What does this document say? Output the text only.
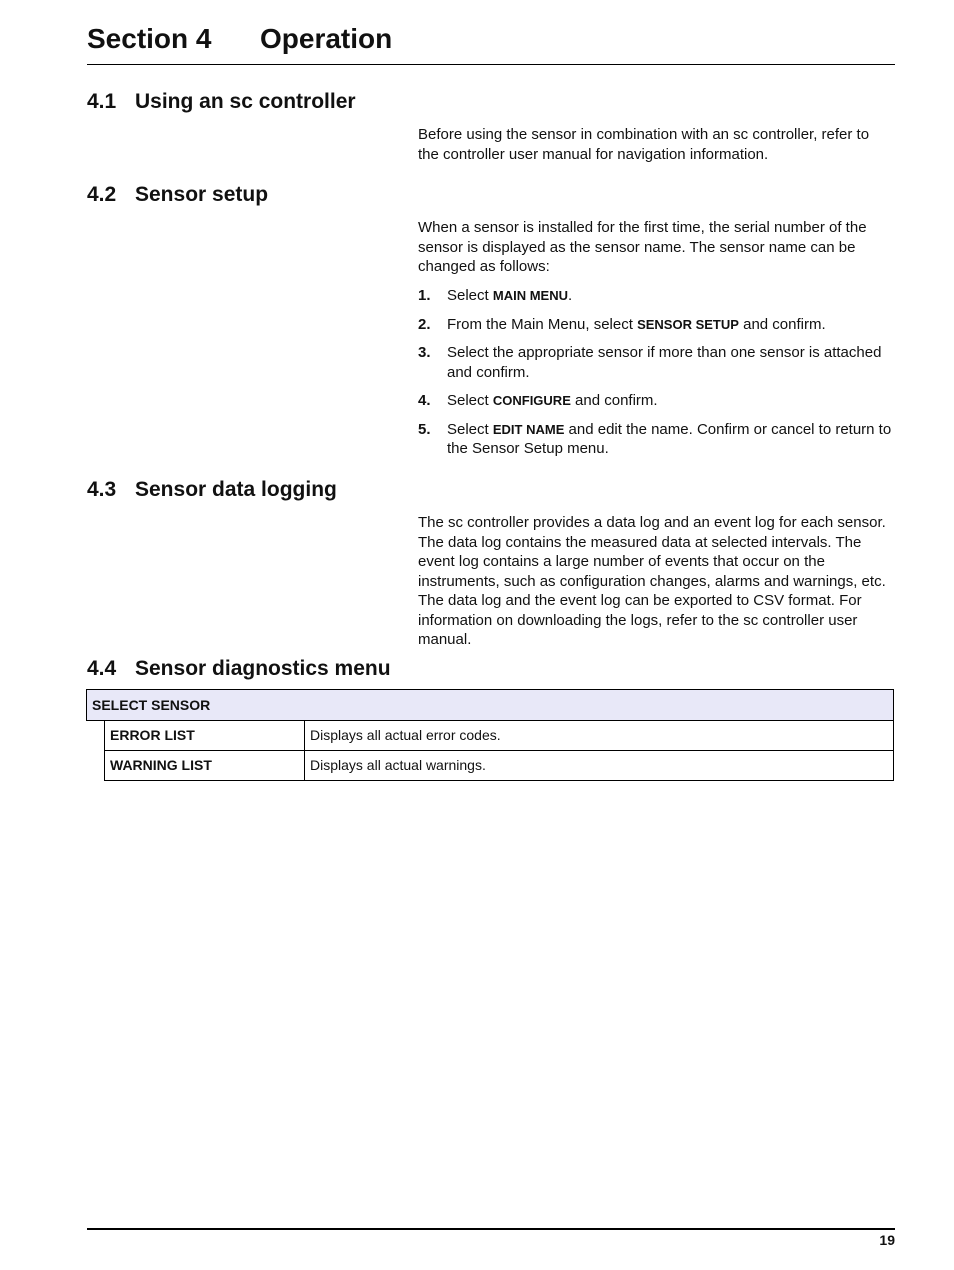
Section 4 Operation
4.1 Using an sc controller

Before using the sensor in combination with an sc controller, refer to the controller user manual for navigation information.

4.2 Sensor setup

When a sensor is installed for the first time, the serial number of the sensor is displayed as the sensor name. The sensor name can be changed as follows:

1. Select MAIN MENU.
2. From the Main Menu, select SENSOR SETUP and confirm.
3. Select the appropriate sensor if more than one sensor is attached and confirm.
4. Select CONFIGURE and confirm.
5. Select EDIT NAME and edit the name. Confirm or cancel to return to the Sensor Setup menu.
4.3 Sensor data logging

The sc controller provides a data log and an event log for each sensor. The data log contains the measured data at selected intervals. The event log contains a large number of events that occur on the instruments, such as configuration changes, alarms and warnings, etc. The data log and the event log can be exported to CSV format. For information on downloading the logs, refer to the sc controller user manual.

4.4 Sensor diagnostics menu
SELECT SENSOR
ERROR LIST	Displays all actual error codes.
WARNING LIST	Displays all actual warnings.
19
